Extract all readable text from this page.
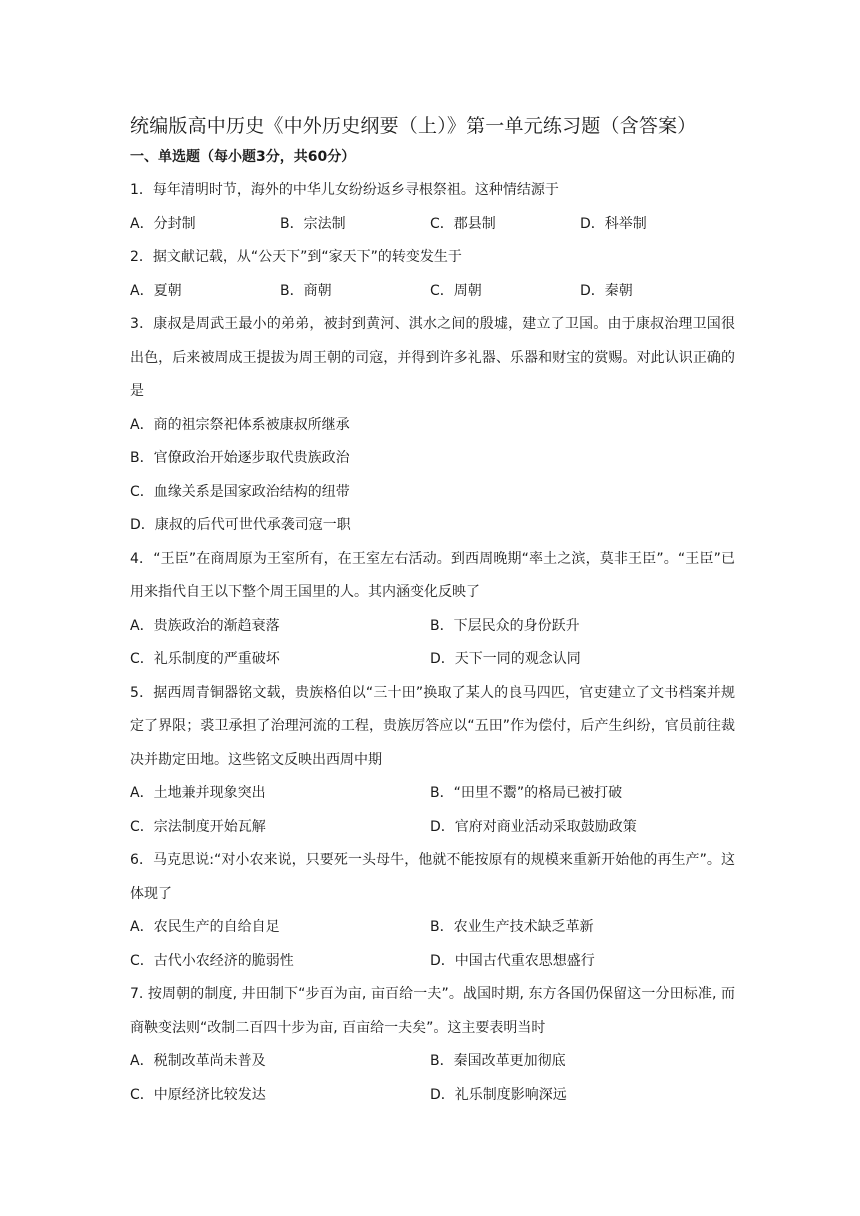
统编版高中历史《中外历史纲要（上）》第一单元练习题（含答案）
一、单选题（每小题3分，共60分）
1．每年清明时节，海外的中华儿女纷纷返乡寻根祭祖。这种情结源于
A．分封制	B．宗法制	C．郡县制	D．科举制
2．据文献记载，从“公天下”到“家天下”的转变发生于
A．夏朝	B．商朝	C．周朝	D．秦朝
3．康叔是周武王最小的弟弟，被封到黄河、淇水之间的殷墟，建立了卫国。由于康叔治理卫国很出色，后来被周成王提拔为周王朝的司寇，并得到许多礼器、乐器和财宝的赏赐。对此认识正确的是
A．商的祖宗祭祀体系被康叔所继承
B．官僚政治开始逐步取代贵族政治
C．血缘关系是国家政治结构的纽带
D．康叔的后代可世代承袭司寇一职
4．“王臣”在商周原为王室所有，在王室左右活动。到西周晚期“率土之滨，莫非王臣”。“王臣”已用来指代自王以下整个周王国里的人。其内涵变化反映了
A．贵族政治的渐趋衰落	B．下层民众的身份跃升
C．礼乐制度的严重破坏	D．天下一同的观念认同
5．据西周青铜器铭文载，贵族格伯以“三十田”换取了某人的良马四匹，官吏建立了文书档案并规定了界限；裘卫承担了治理河流的工程，贵族厉答应以“五田”作为偿付，后产生纠纷，官员前往裁决并勘定田地。这些铭文反映出西周中期
A．土地兼并现象突出	B．“田里不鬻”的格局已被打破
C．宗法制度开始瓦解	D．官府对商业活动采取鼓励政策
6．马克思说:“对小农来说，只要死一头母牛，他就不能按原有的规模来重新开始他的再生产”。这体现了
A．农民生产的自给自足	B．农业生产技术缺乏革新
C．古代小农经济的脆弱性	D．中国古代重农思想盛行
7. 按周朝的制度, 井田制下“步百为亩, 亩百给一夫”。战国时期, 东方各国仍保留这一分田标准, 而商鞅变法则“改制二百四十步为亩, 百亩给一夫矣”。这主要表明当时
A．税制改革尚未普及	B．秦国改革更加彻底
C．中原经济比较发达	D．礼乐制度影响深远
